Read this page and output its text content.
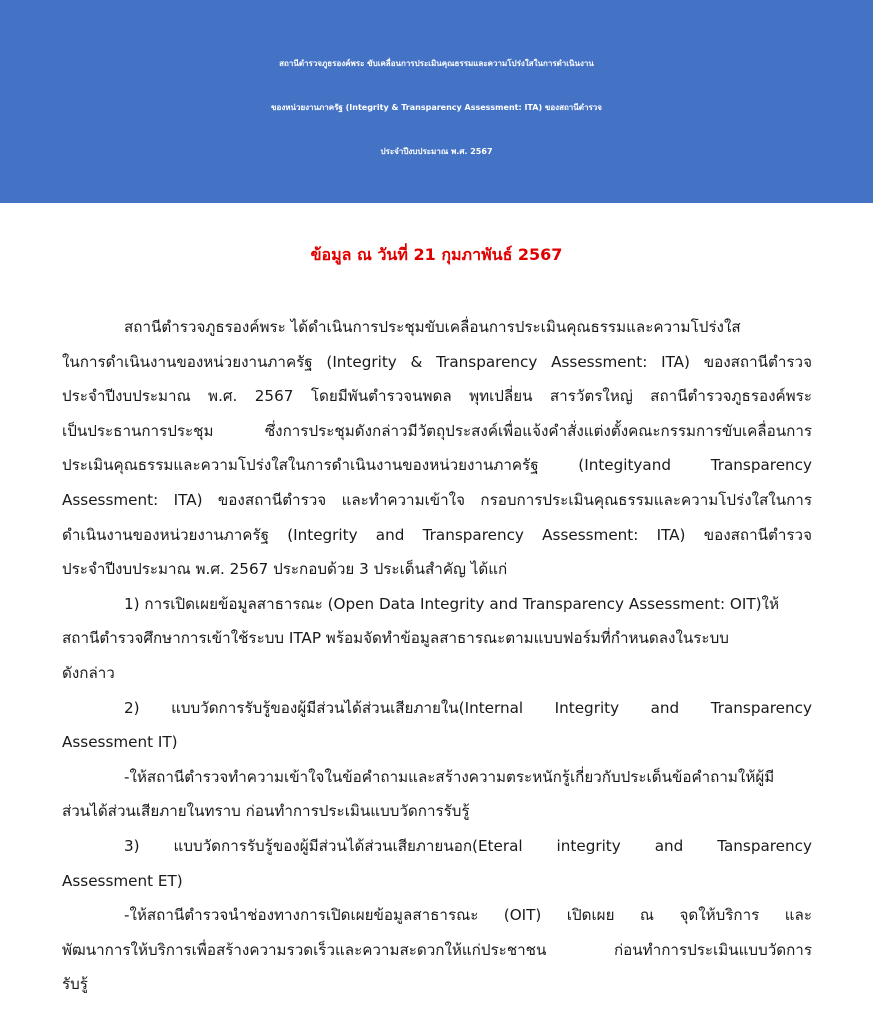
สถานีตำรวจภูธรองค์พระ ขับเคลื่อนการประเมินคุณธรรมและความโปร่งใสในการดำเนินงาน
ของหน่วยงานภาครัฐ (Integrity & Transparency Assessment: ITA) ของสถานีตำรวจ
ประจำปีงบประมาณ พ.ศ. 2567
ข้อมูล ณ วันที่ 21 กุมภาพันธ์ 2567
สถานีตำรวจภูธรองค์พระ ได้ดำเนินการประชุมขับเคลื่อนการประเมินคุณธรรมและความโปร่งใส
ในการดำเนินงานของหน่วยงานภาครัฐ (Integrity & Transparency Assessment: ITA) ของสถานีตำรวจ
ประจำปีงบประมาณ พ.ศ. 2567 โดยมีพันตำรวจนพดล พุทเปลี่ยน สารวัตรใหญ่ สถานีตำรวจภูธรองค์พระ
เป็นประธานการประชุม ซึ่งการประชุมดังกล่าวมีวัตถุประสงค์เพื่อแจ้งคำสั่งแต่งตั้งคณะกรรมการขับเคลื่อนการ
ประเมินคุณธรรมและความโปร่งใสในการดำเนินงานของหน่วยงานภาครัฐ (Integityand Transparency
Assessment: ITA) ของสถานีตำรวจ และทำความเข้าใจ กรอบการประเมินคุณธรรมและความโปร่งใสในการ
ดำเนินงานของหน่วยงานภาครัฐ (Integrity and Transparency Assessment: ITA) ของสถานีตำรวจ
ประจำปีงบประมาณ พ.ศ. 2567 ประกอบด้วย 3 ประเด็นสำคัญ ได้แก่
1) การเปิดเผยข้อมูลสาธารณะ (Open Data Integrity and Transparency Assessment: OIT)ให้
สถานีตำรวจศึกษาการเข้าใช้ระบบ ITAP พร้อมจัดทำข้อมูลสาธารณะตามแบบฟอร์มที่กำหนดลงในระบบ
ดังกล่าว
2) แบบวัดการรับรู้ของผู้มีส่วนได้ส่วนเสียภายใน(Internal Integrity and Transparency
Assessment IT)
-ให้สถานีตำรวจทำความเข้าใจในข้อคำถามและสร้างความตระหนักรู้เกี่ยวกับประเด็นข้อคำถามให้ผู้มี
ส่วนได้ส่วนเสียภายในทราบ ก่อนทำการประเมินแบบวัดการรับรู้
3) แบบวัดการรับรู้ของผู้มีส่วนได้ส่วนเสียภายนอก(Eteral integrity and Tansparency
Assessment ET)
-ให้สถานีตำรวจนำช่องทางการเปิดเผยข้อมูลสาธารณะ (OIT) เปิดเผย ณ จุดให้บริการ และ
พัฒนาการให้บริการเพื่อสร้างความรวดเร็วและความสะดวกให้แก่ประชาชน ก่อนทำการประเมินแบบวัดการ
รับรู้
